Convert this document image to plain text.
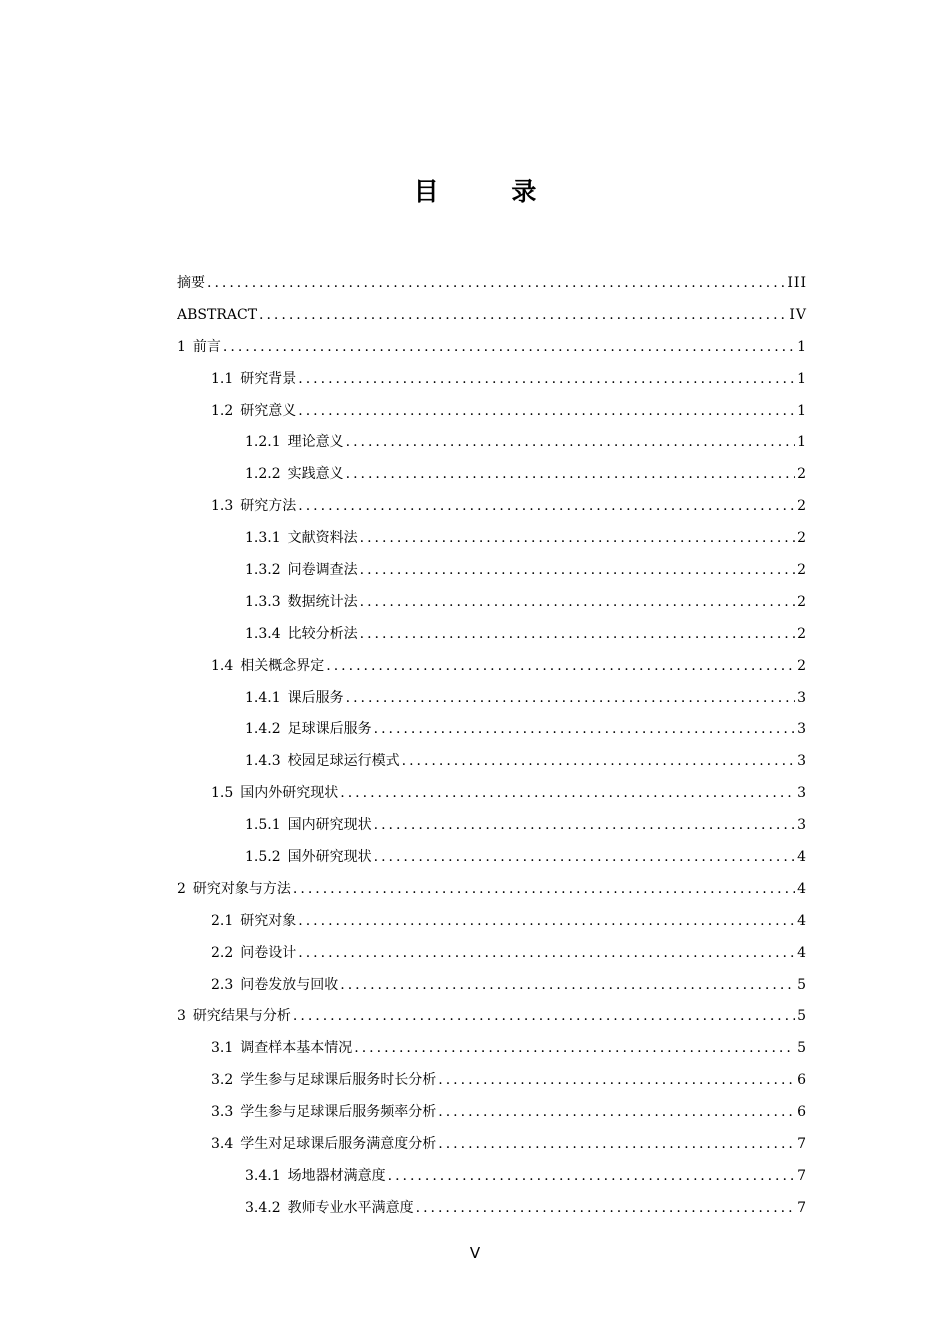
目 录
摘要 .....	III
ABSTRACT .....	IV
1 前言 .....	1
1.1 研究背景 .....	1
1.2 研究意义 .....	1
1.2.1 理论意义 .....	1
1.2.2 实践意义 .....	2
1.3 研究方法 .....	2
1.3.1 文献资料法 .....	2
1.3.2 问卷调查法 .....	2
1.3.3 数据统计法 .....	2
1.3.4 比较分析法 .....	2
1.4 相关概念界定 .....	2
1.4.1 课后服务 .....	3
1.4.2 足球课后服务 .....	3
1.4.3 校园足球运行模式 .....	3
1.5 国内外研究现状 .....	3
1.5.1 国内研究现状 .....	3
1.5.2 国外研究现状 .....	4
2 研究对象与方法 .....	4
2.1 研究对象 .....	4
2.2 问卷设计 .....	4
2.3 问卷发放与回收 .....	5
3 研究结果与分析 .....	5
3.1 调查样本基本情况 .....	5
3.2 学生参与足球课后服务时长分析 .....	6
3.3 学生参与足球课后服务频率分析 .....	6
3.4 学生对足球课后服务满意度分析 .....	7
3.4.1 场地器材满意度 .....	7
3.4.2 教师专业水平满意度 .....	7
V
